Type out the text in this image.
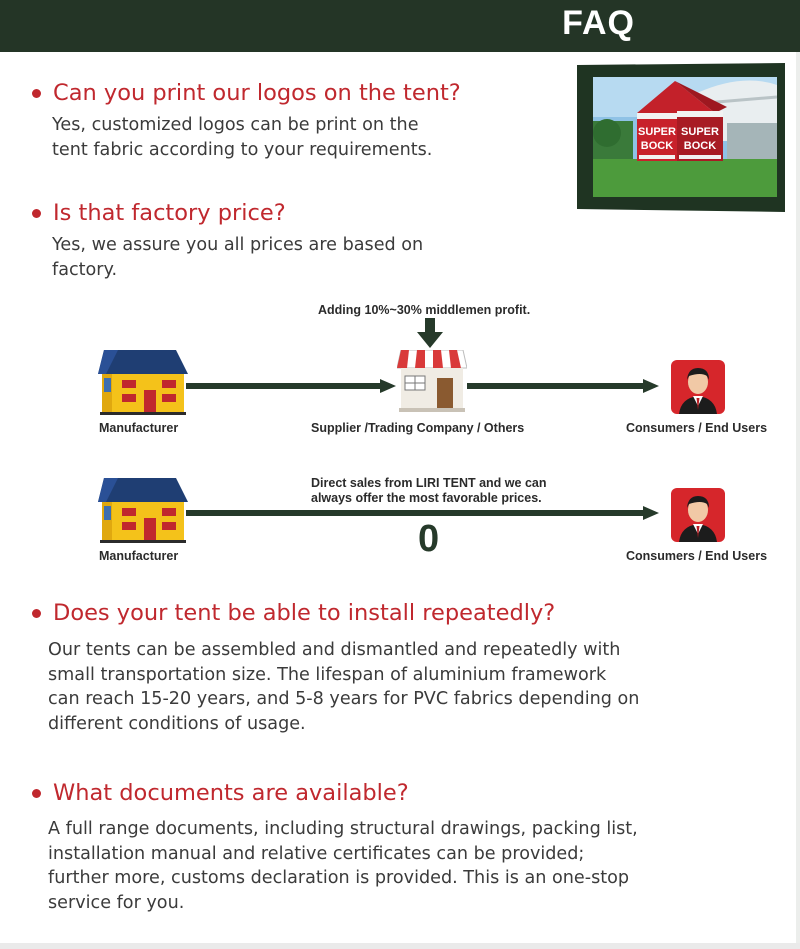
FAQ
Can you print our logos on the tent?
Yes, customized logos can be print on the
tent fabric according to your requirements.
Is that factory price?
Yes, we assure you all prices are based on
factory.
SUPER
BOCK
SUPER
BOCK
Adding 10%~30% middlemen profit.
Manufacturer	Supplier /Trading Company / Others	Consumers / End Users
Direct sales from LIRI TENT and we can
always offer the most favorable prices.
0
Manufacturer	Consumers / End Users
Does your tent be able to install repeatedly?
Our tents can be assembled and dismantled and repeatedly with
small transportation size. The lifespan of aluminium framework
can reach 15-20 years, and 5-8 years for PVC fabrics depending on
different conditions of usage.
What documents are available?
A full range documents, including structural drawings, packing list,
installation manual and relative certificates can be provided;
further more, customs declaration is provided. This is an one-stop
service for you.
